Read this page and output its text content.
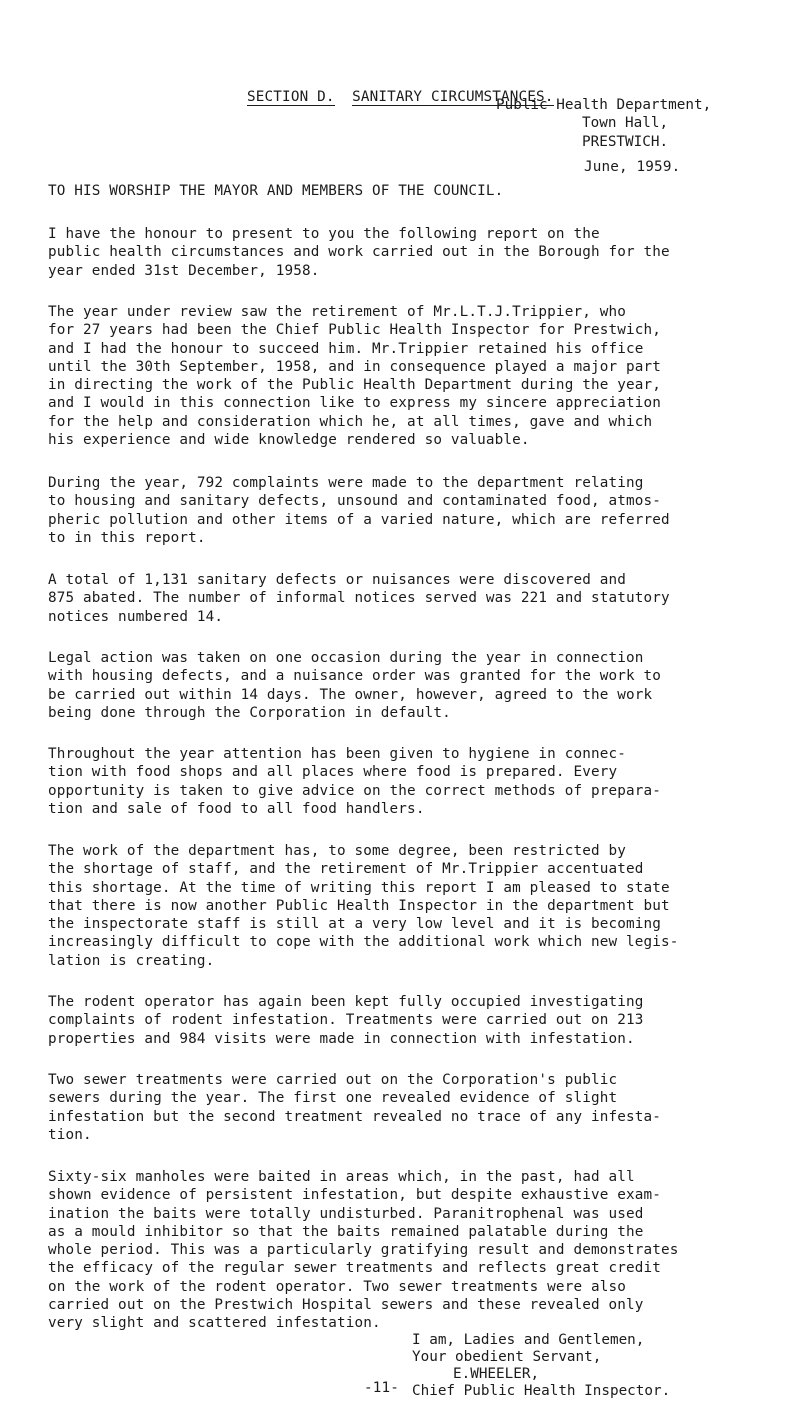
SECTION D. SANITARY CIRCUMSTANCES.

Public Health Department,
Town Hall,
PRESTWICH.
June, 1959.
TO HIS WORSHIP THE MAYOR AND MEMBERS OF THE COUNCIL.
I have the honour to present to you the following report on the
public health circumstances and work carried out in the Borough for the
year ended 31st December, 1958.
The year under review saw the retirement of Mr.L.T.J.Trippier, who
for 27 years had been the Chief Public Health Inspector for Prestwich,
and I had the honour to succeed him. Mr.Trippier retained his office
until the 30th September, 1958, and in consequence played a major part
in directing the work of the Public Health Department during the year,
and I would in this connection like to express my sincere appreciation
for the help and consideration which he, at all times, gave and which
his experience and wide knowledge rendered so valuable.
During the year, 792 complaints were made to the department relating
to housing and sanitary defects, unsound and contaminated food, atmos-
pheric pollution and other items of a varied nature, which are referred
to in this report.
A total of 1,131 sanitary defects or nuisances were discovered and
875 abated. The number of informal notices served was 221 and statutory
notices numbered 14.
Legal action was taken on one occasion during the year in connection
with housing defects, and a nuisance order was granted for the work to
be carried out within 14 days. The owner, however, agreed to the work
being done through the Corporation in default.
Throughout the year attention has been given to hygiene in connec-
tion with food shops and all places where food is prepared. Every
opportunity is taken to give advice on the correct methods of prepara-
tion and sale of food to all food handlers.
The work of the department has, to some degree, been restricted by
the shortage of staff, and the retirement of Mr.Trippier accentuated
this shortage. At the time of writing this report I am pleased to state
that there is now another Public Health Inspector in the department but
the inspectorate staff is still at a very low level and it is becoming
increasingly difficult to cope with the additional work which new legis-
lation is creating.
The rodent operator has again been kept fully occupied investigating
complaints of rodent infestation. Treatments were carried out on 213
properties and 984 visits were made in connection with infestation.
Two sewer treatments were carried out on the Corporation's public
sewers during the year. The first one revealed evidence of slight
infestation but the second treatment revealed no trace of any infesta-
tion.
Sixty-six manholes were baited in areas which, in the past, had all
shown evidence of persistent infestation, but despite exhaustive exam-
ination the baits were totally undisturbed. Paranitrophenal was used
as a mould inhibitor so that the baits remained palatable during the
whole period. This was a particularly gratifying result and demonstrates
the efficacy of the regular sewer treatments and reflects great credit
on the work of the rodent operator. Two sewer treatments were also
carried out on the Prestwich Hospital sewers and these revealed only
very slight and scattered infestation.
I am, Ladies and Gentlemen,
Your obedient Servant,
E.WHEELER,
Chief Public Health Inspector.
-11-
